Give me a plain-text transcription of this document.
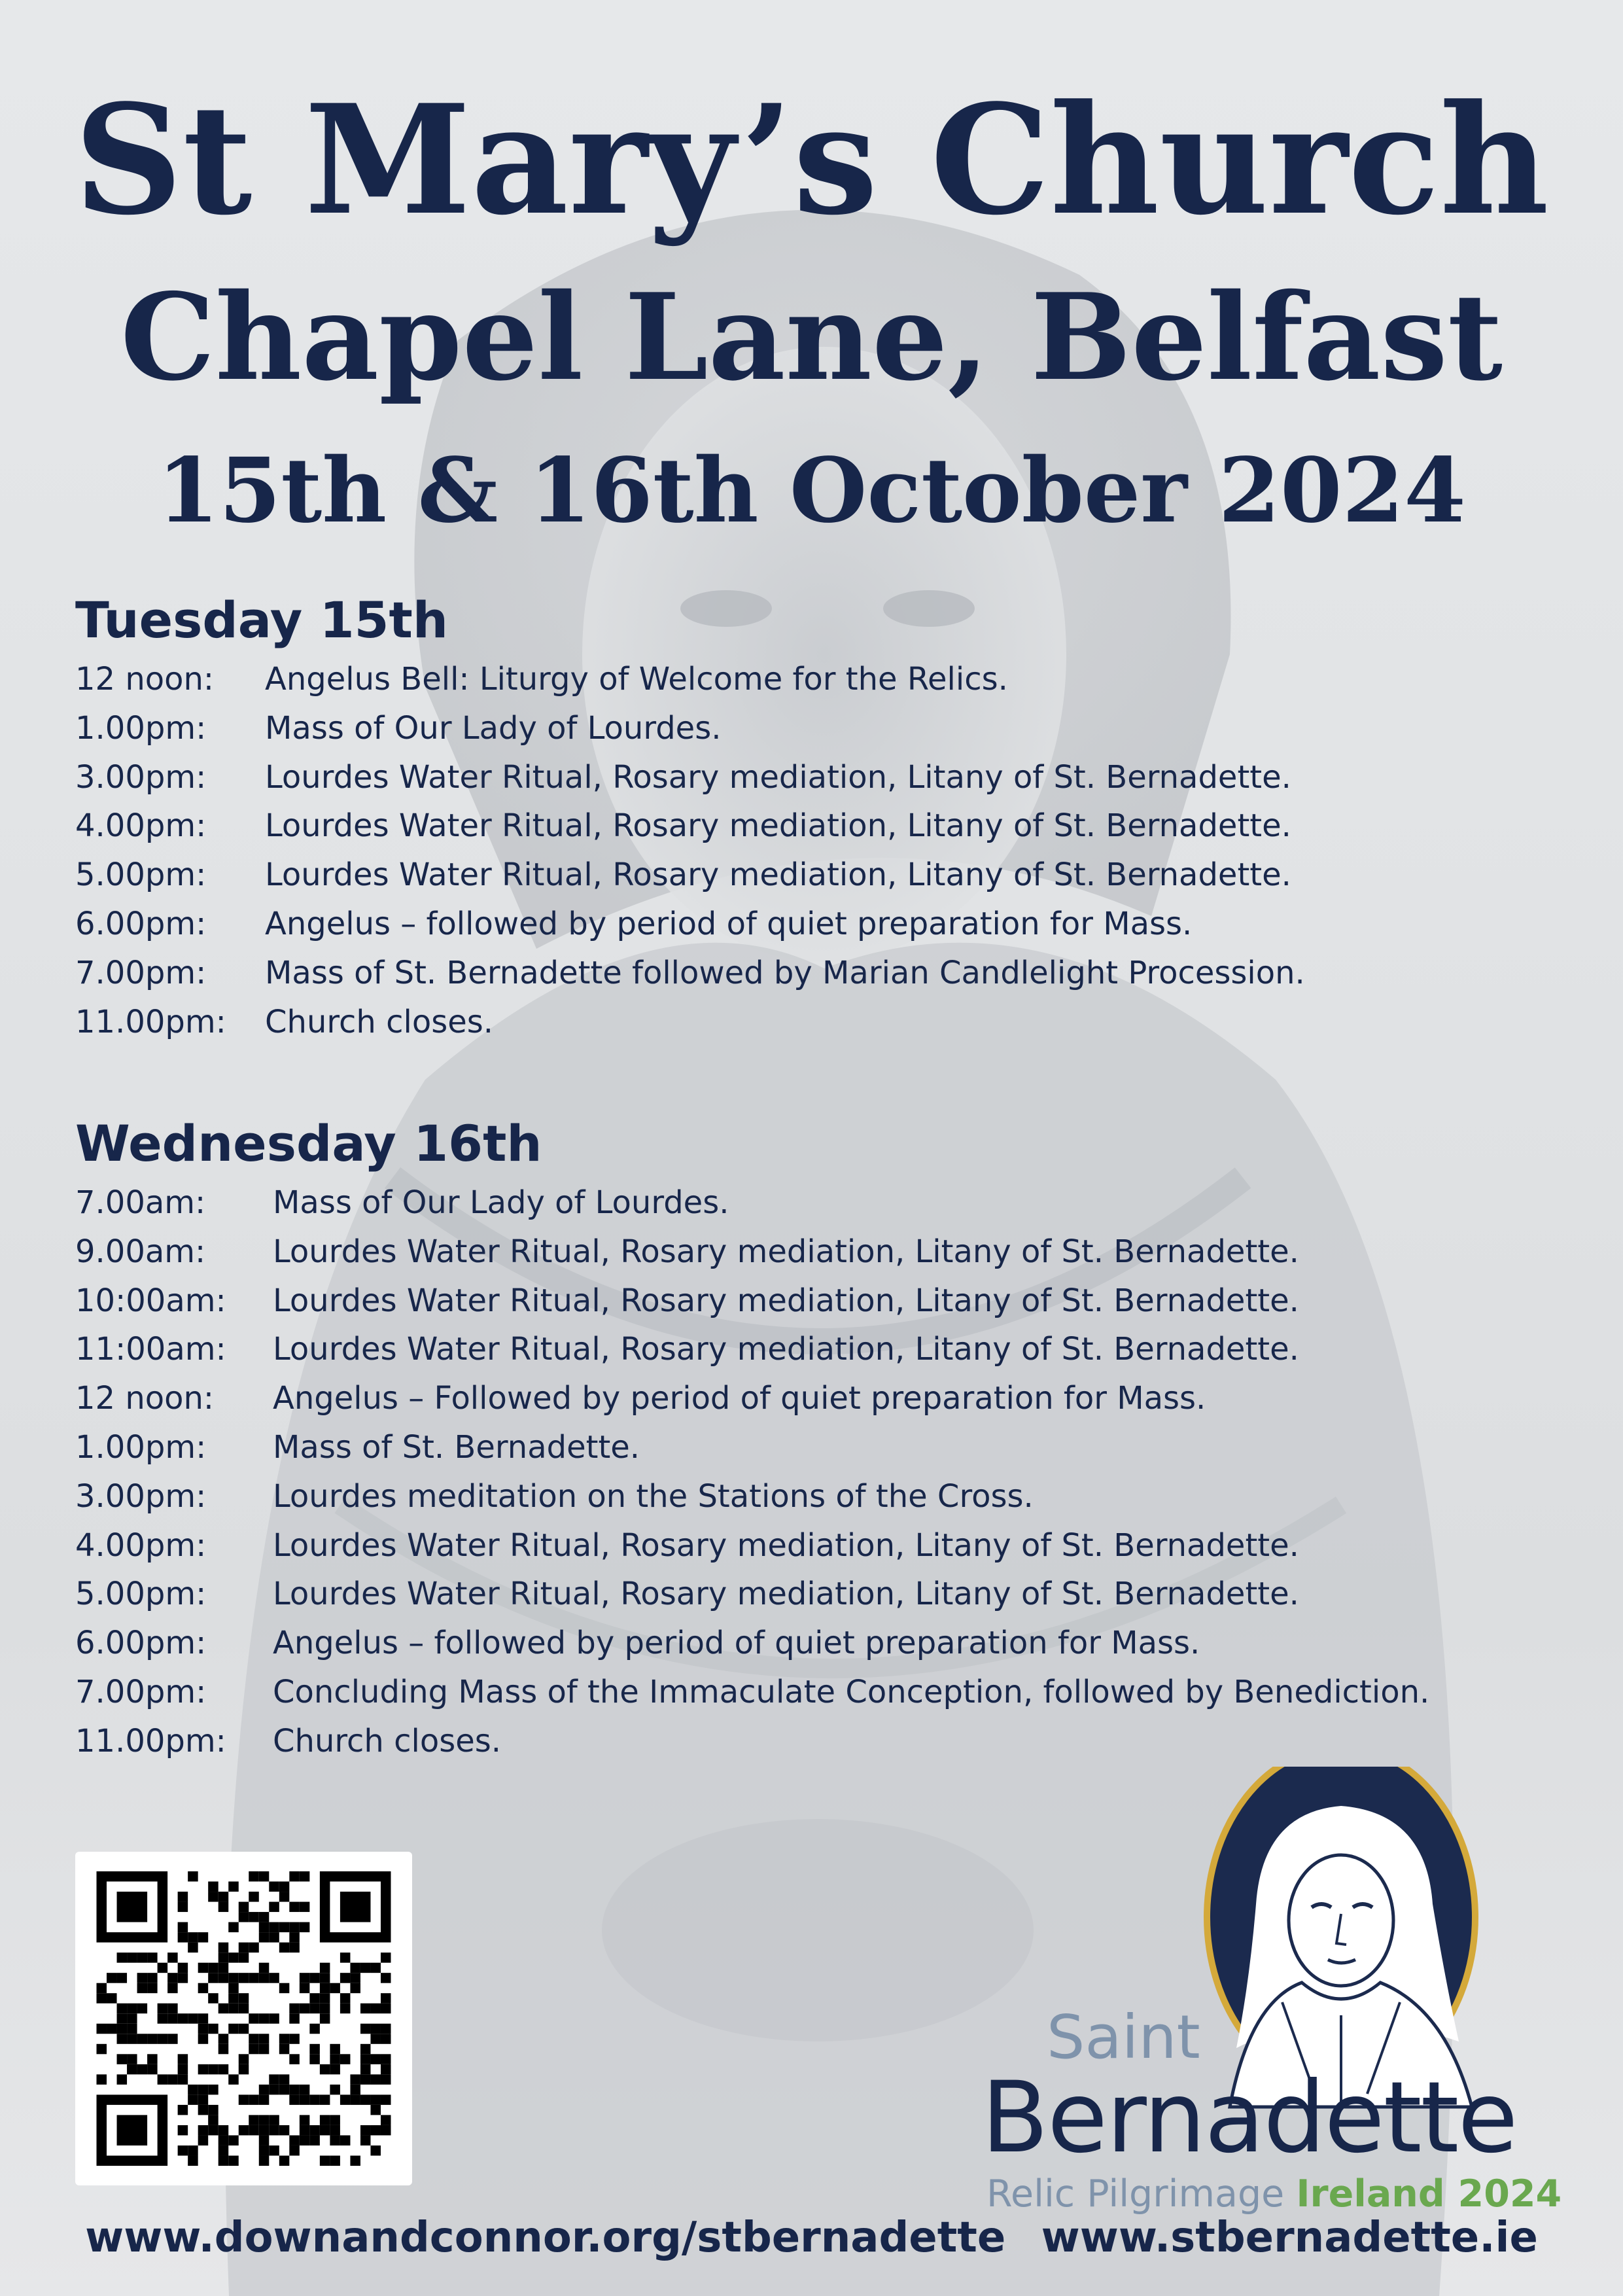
St Mary’s Church
Chapel Lane, Belfast
15th & 16th October 2024
Tuesday 15th
12 noon:	Angelus Bell: Liturgy of Welcome for the Relics.
1.00pm:	Mass of Our Lady of Lourdes.
3.00pm:	Lourdes Water Ritual, Rosary mediation, Litany of St. Bernadette.
4.00pm:	Lourdes Water Ritual, Rosary mediation, Litany of St. Bernadette.
5.00pm:	Lourdes Water Ritual, Rosary mediation, Litany of St. Bernadette.
6.00pm:	Angelus – followed by period of quiet preparation for Mass.
7.00pm:	Mass of St. Bernadette followed by Marian Candlelight Procession.
11.00pm:	Church closes.
Wednesday 16th
7.00am:	Mass of Our Lady of Lourdes.
9.00am:	Lourdes Water Ritual, Rosary mediation, Litany of St. Bernadette.
10:00am:	Lourdes Water Ritual, Rosary mediation, Litany of St. Bernadette.
11:00am:	Lourdes Water Ritual, Rosary mediation, Litany of St. Bernadette.
12 noon:	Angelus – Followed by period of quiet preparation for Mass.
1.00pm:	Mass of St. Bernadette.
3.00pm:	Lourdes meditation on the Stations of the Cross.
4.00pm:	Lourdes Water Ritual, Rosary mediation, Litany of St. Bernadette.
5.00pm:	Lourdes Water Ritual, Rosary mediation, Litany of St. Bernadette.
6.00pm:	Angelus – followed by period of quiet preparation for Mass.
7.00pm:	Concluding Mass of the Immaculate Conception, followed by Benediction.
11.00pm:	Church closes.
Saint
Bernadette
Relic Pilgrimage Ireland 2024
www.downandconnor.org/stbernadette www.stbernadette.ie
